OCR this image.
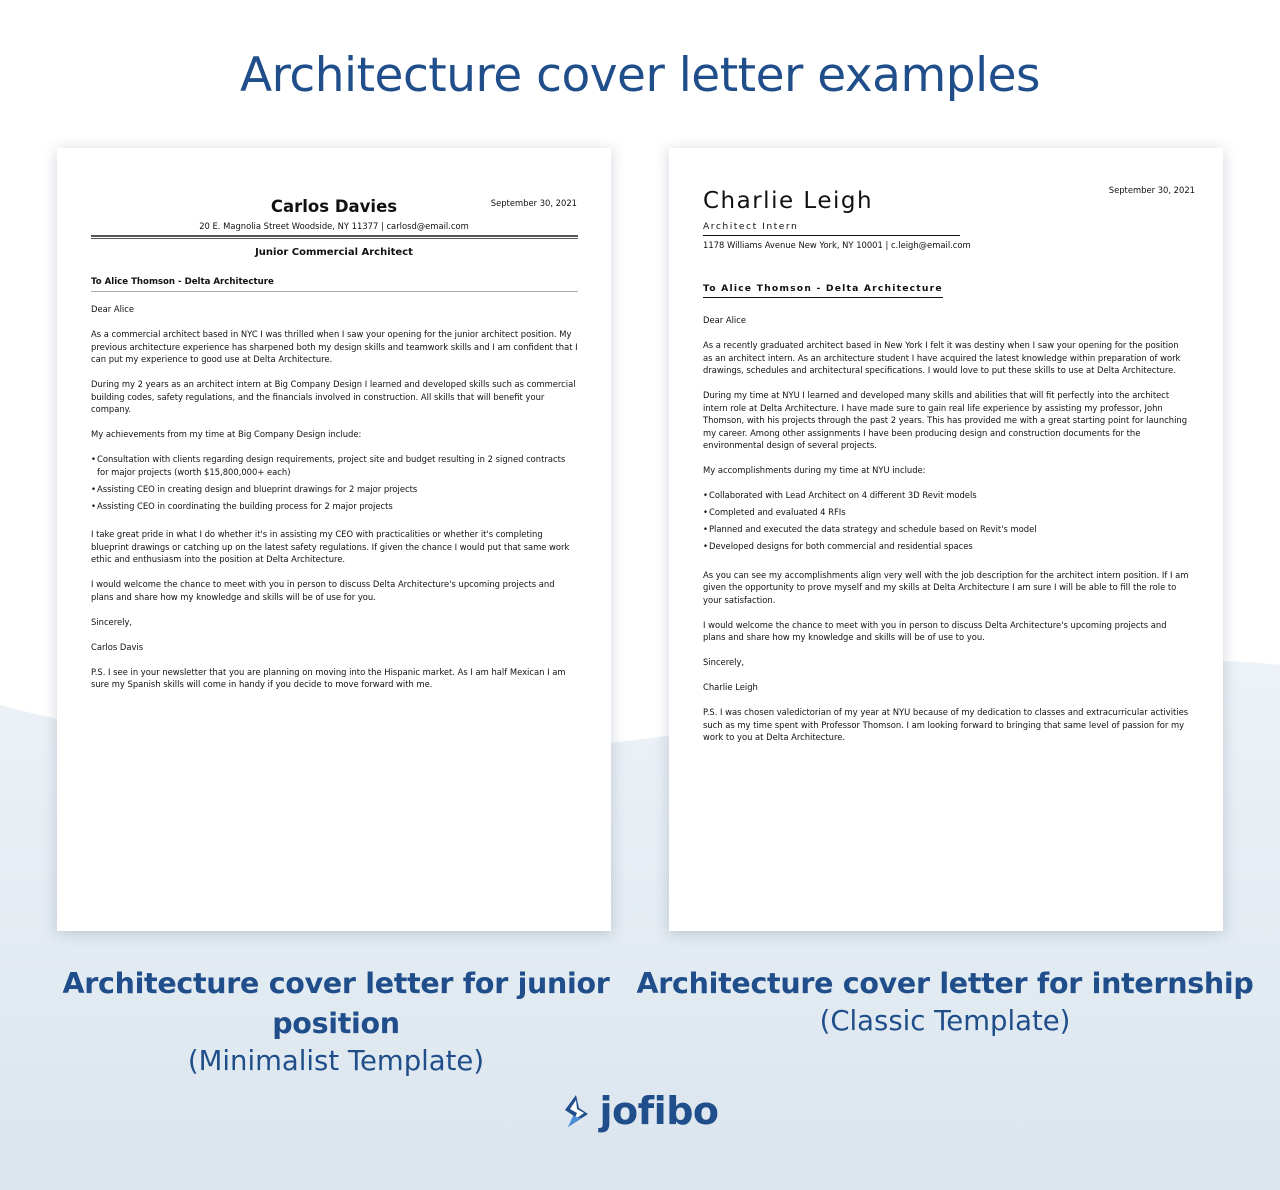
Architecture cover letter examples
Carlos Davies	September 30, 2021
20 E. Magnolia Street Woodside, NY 11377 | carlosd@email.com
Junior Commercial Architect
To Alice Thomson - Delta Architecture

Dear Alice

As a commercial architect based in NYC I was thrilled when I saw your opening for the junior architect position. My previous architecture experience has sharpened both my design skills and teamwork skills and I am confident that I can put my experience to good use at Delta Architecture.

During my 2 years as an architect intern at Big Company Design I learned and developed skills such as commercial building codes, safety regulations, and the financials involved in construction. All skills that will benefit your company.

My achievements from my time at Big Company Design include:

•Consultation with clients regarding design requirements, project site and budget resulting in 2 signed contracts for major projects (worth $15,800,000+ each)

•Assisting CEO in creating design and blueprint drawings for 2 major projects

•Assisting CEO in coordinating the building process for 2 major projects

I take great pride in what I do whether it's in assisting my CEO with practicalities or whether it's completing blueprint drawings or catching up on the latest safety regulations. If given the chance I would put that same work ethic and enthusiasm into the position at Delta Architecture.

I would welcome the chance to meet with you in person to discuss Delta Architecture's upcoming projects and plans and share how my knowledge and skills will be of use for you.

Sincerely,

Carlos Davis

P.S. I see in your newsletter that you are planning on moving into the Hispanic market. As I am half Mexican I am sure my Spanish skills will come in handy if you decide to move forward with me.

Charlie Leigh	September 30, 2021
Architect Intern
1178 Williams Avenue New York, NY 10001 | c.leigh@email.com
To Alice Thomson - Delta Architecture

Dear Alice

As a recently graduated architect based in New York I felt it was destiny when I saw your opening for the position as an architect intern. As an architecture student I have acquired the latest knowledge within preparation of work drawings, schedules and architectural specifications. I would love to put these skills to use at Delta Architecture.

During my time at NYU I learned and developed many skills and abilities that will fit perfectly into the architect intern role at Delta Architecture. I have made sure to gain real life experience by assisting my professor, John Thomson, with his projects through the past 2 years. This has provided me with a great starting point for launching my career. Among other assignments I have been producing design and construction documents for the environmental design of several projects.

My accomplishments during my time at NYU include:

•Collaborated with Lead Architect on 4 different 3D Revit models

•Completed and evaluated 4 RFIs

•Planned and executed the data strategy and schedule based on Revit's model

•Developed designs for both commercial and residential spaces

As you can see my accomplishments align very well with the job description for the architect intern position. If I am given the opportunity to prove myself and my skills at Delta Architecture I am sure I will be able to fill the role to your satisfaction.

I would welcome the chance to meet with you in person to discuss Delta Architecture's upcoming projects and plans and share how my knowledge and skills will be of use to you.

Sincerely,

Charlie Leigh

P.S. I was chosen valedictorian of my year at NYU because of my dedication to classes and extracurricular activities such as my time spent with Professor Thomson. I am looking forward to bringing that same level of passion for my work to you at Delta Architecture.

Architecture cover letter for junior position
(Minimalist Template)
Architecture cover letter for internship
(Classic Template)
jofibo
